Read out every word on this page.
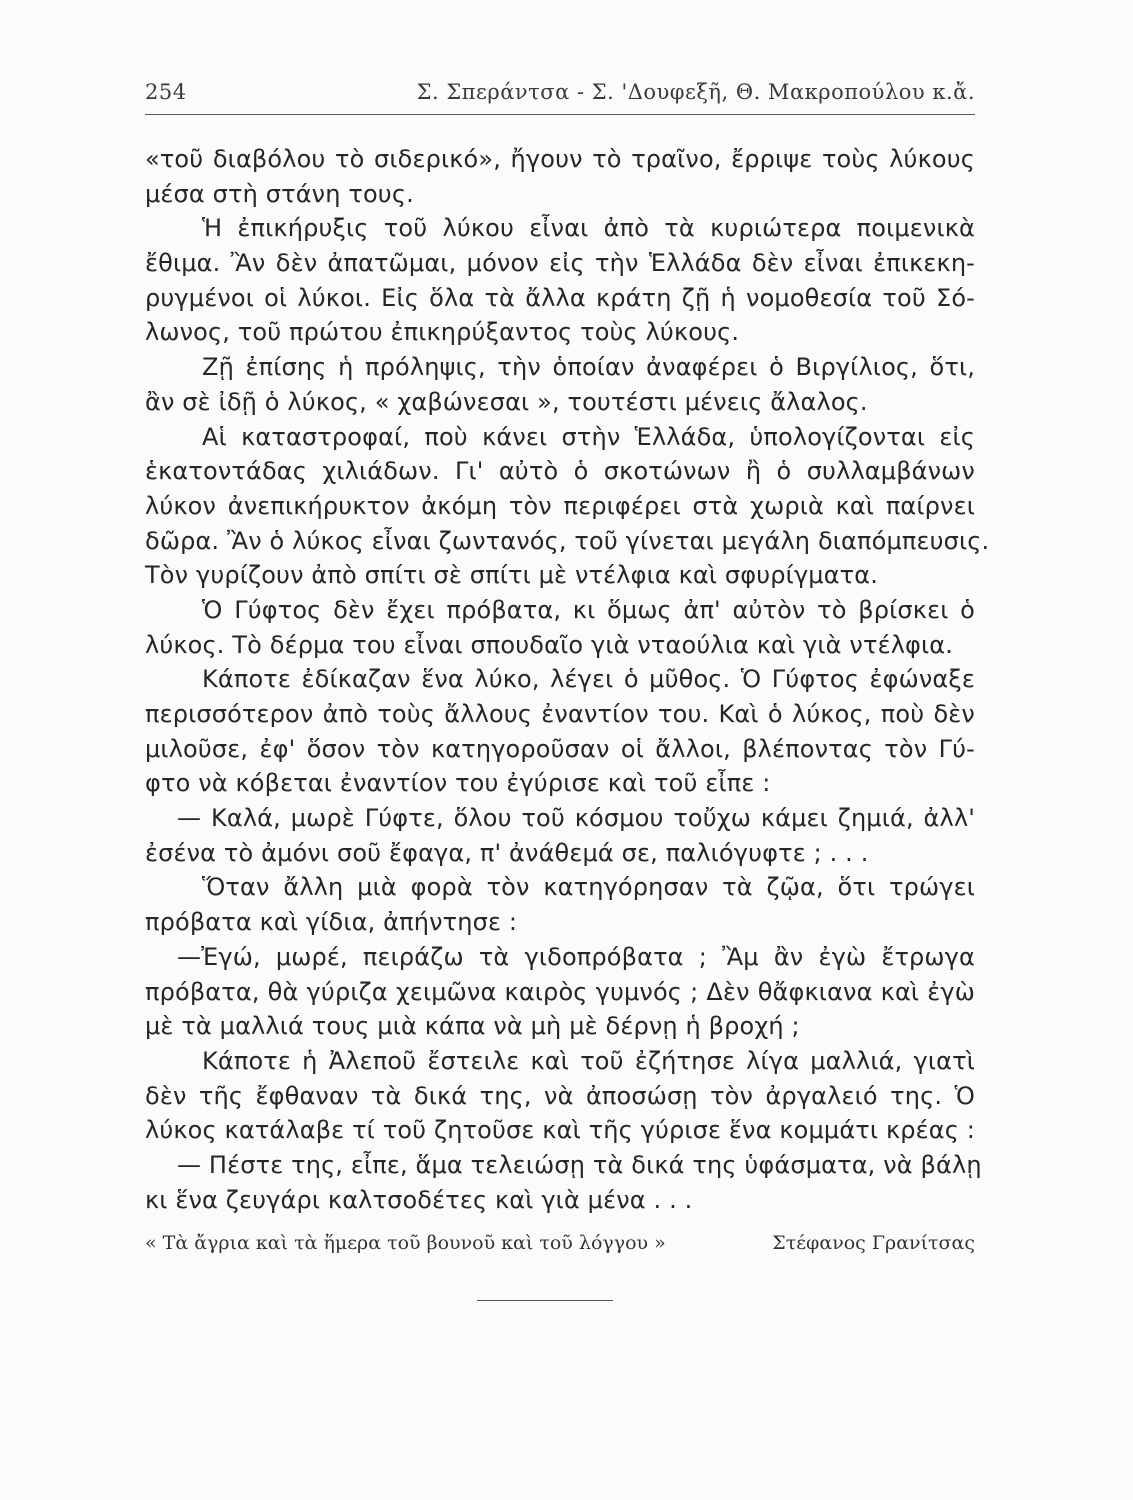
254	Σ. Σπεράντσα - Σ. 'Δουφεξῆ, Θ. Μακροπούλου κ.ἄ.
«τοῦ διαβόλου τὸ σιδερικό», ἤγουν τὸ τραῖνο, ἔρριψε τοὺς λύκους
μέσα στὴ στάνη τους.
Ἡ ἐπικήρυξις τοῦ λύκου εἶναι ἀπὸ τὰ κυριώτερα ποιμενικὰ
ἔθιμα. Ἂν δὲν ἀπατῶμαι, μόνον εἰς τὴν Ἑλλάδα δὲν εἶναι ἐπικεκη-
ρυγμένοι οἱ λύκοι. Εἰς ὅλα τὰ ἄλλα κράτη ζῇ ἡ νομοθεσία τοῦ Σό-
λωνος, τοῦ πρώτου ἐπικηρύξαντος τοὺς λύκους.
Ζῇ ἐπίσης ἡ πρόληψις, τὴν ὁποίαν ἀναφέρει ὁ Βιργίλιος, ὅτι,
ἂν σὲ ἰδῇ ὁ λύκος, « χαβώνεσαι », τουτέστι μένεις ἄλαλος.
Αἱ καταστροφαί, ποὺ κάνει στὴν Ἑλλάδα, ὑπολογίζονται εἰς
ἑκατοντάδας χιλιάδων. Γι' αὐτὸ ὁ σκοτώνων ἢ ὁ συλλαμβάνων
λύκον ἀνεπικήρυκτον ἀκόμη τὸν περιφέρει στὰ χωριὰ καὶ παίρνει
δῶρα. Ἂν ὁ λύκος εἶναι ζωντανός, τοῦ γίνεται μεγάλη διαπόμπευσις.
Τὸν γυρίζουν ἀπὸ σπίτι σὲ σπίτι μὲ ντέλφια καὶ σφυρίγματα.
Ὁ Γύφτος δὲν ἔχει πρόβατα, κι ὅμως ἀπ' αὐτὸν τὸ βρίσκει ὁ
λύκος. Τὸ δέρμα του εἶναι σπουδαῖο γιὰ νταούλια καὶ γιὰ ντέλφια.
Κάποτε ἐδίκαζαν ἕνα λύκο, λέγει ὁ μῦθος. Ὁ Γύφτος ἐφώναξε
περισσότερον ἀπὸ τοὺς ἄλλους ἐναντίον του. Καὶ ὁ λύκος, ποὺ δὲν
μιλοῦσε, ἐφ' ὅσον τὸν κατηγοροῦσαν οἱ ἄλλοι, βλέποντας τὸν Γύ-
φτο νὰ κόβεται ἐναντίον του ἐγύρισε καὶ τοῦ εἶπε :
— Καλά, μωρὲ Γύφτε, ὅλου τοῦ κόσμου τοὔχω κάμει ζημιά, ἀλλ'
ἐσένα τὸ ἀμόνι σοῦ ἔφαγα, π' ἀνάθεμά σε, παλιόγυφτε ; . . .
Ὅταν ἄλλη μιὰ φορὰ τὸν κατηγόρησαν τὰ ζῷα, ὅτι τρώγει
πρόβατα καὶ γίδια, ἀπήντησε :
—Ἐγώ, μωρέ, πειράζω τὰ γιδοπρόβατα ; Ἂμ ἂν ἐγὼ ἔτρωγα
πρόβατα, θὰ γύριζα χειμῶνα καιρὸς γυμνός ; Δὲν θἄφκιανα καὶ ἐγὼ
μὲ τὰ μαλλιά τους μιὰ κάπα νὰ μὴ μὲ δέρνῃ ἡ βροχή ;
Κάποτε ἡ Ἀλεπoῦ ἔστειλε καὶ τοῦ ἐζήτησε λίγα μαλλιά, γιατὶ
δὲν τῆς ἔφθαναν τὰ δικά της, νὰ ἀποσώσῃ τὸν ἀργαλειό της. Ὁ
λύκος κατάλαβε τί τοῦ ζητοῦσε καὶ τῆς γύρισε ἕνα κομμάτι κρέας :
— Πέστε της, εἶπε, ἅμα τελειώσῃ τὰ δικά της ὑφάσματα, νὰ βάλῃ
κι ἕνα ζευγάρι καλτσοδέτες καὶ γιὰ μένα . . .
« Τὰ ἄγρια καὶ τὰ ἥμερα τοῦ βουνοῦ καὶ τοῦ λόγγου »	Στέφανος Γρανίτσας
